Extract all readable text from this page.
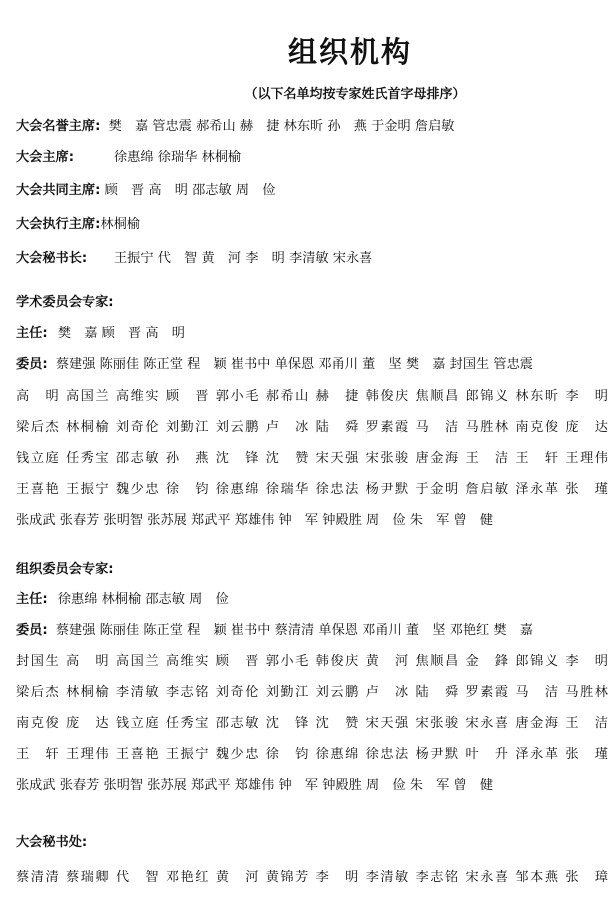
组织机构
（以下名单均按专家姓氏首字母排序）
大会名誉主席: 樊　嘉 管忠震 郝希山 赫　捷 林东昕 孙　燕 于金明 詹启敏
大会主席:	徐惠绵 徐瑞华 林桐榆
大会共同主席: 顾　晋 高　明 邵志敏 周　俭
大会执行主席:林桐榆
大会秘书长: 王振宁 代　智 黄　河 李　明 李清敏 宋永喜
学术委员会专家:
主任: 樊　嘉 顾　晋 高　明
委员: 蔡建强 陈丽佳 陈正堂 程　颖 崔书中 单保恩 邓甬川 董　坚 樊　嘉 封国生 管忠震
高　明 高国兰 高维实 顾　晋 郭小毛 郝希山 赫　捷 韩俊庆 焦顺昌 郎锦义 林东昕 李　明
梁后杰 林桐榆 刘奇伦 刘勤江 刘云鹏 卢　冰 陆　舜 罗素霞 马　洁 马胜林 南克俊 庞　达
钱立庭 任秀宝 邵志敏 孙　燕 沈　锋 沈　赞 宋天强 宋张骏 唐金海 王　洁 王　轩 王理伟
王喜艳 王振宁 魏少忠 徐　钧 徐惠绵 徐瑞华 徐忠法 杨尹默 于金明 詹启敏 泽永革 张　瑾
张成武 张春芳 张明智 张苏展 郑武平 郑雄伟 钟　军 钟殿胜 周　俭 朱　军 曾　健
组织委员会专家:
主任: 徐惠绵 林桐榆 邵志敏 周　俭
委员: 蔡建强 陈丽佳 陈正堂 程　颖 崔书中 蔡清清 单保恩 邓甬川 董　坚 邓艳红 樊　嘉
封国生 高　明 高国兰 高维实 顾　晋 郭小毛 韩俊庆 黄　河 焦顺昌 金　鋒 郎锦义 李　明
梁后杰 林桐榆 李清敏 李志铭 刘奇伦 刘勤江 刘云鹏 卢　冰 陆　舜 罗素霞 马　洁 马胜林
南克俊 庞　达 钱立庭 任秀宝 邵志敏 沈　锋 沈　赞 宋天强 宋张骏 宋永喜 唐金海 王　洁
王　轩 王理伟 王喜艳 王振宁 魏少忠 徐　钧 徐惠绵 徐忠法 杨尹默 叶　升 泽永革 张　瑾
张成武 张春芳 张明智 张苏展 郑武平 郑雄伟 钟　军 钟殿胜 周　俭 朱　军 曾　健
大会秘书处:
蔡清清 蔡瑞卿 代　智 邓艳红 黄　河 黄锦芳 李　明 李清敏 李志铭 宋永喜 邹本燕 张　璋
